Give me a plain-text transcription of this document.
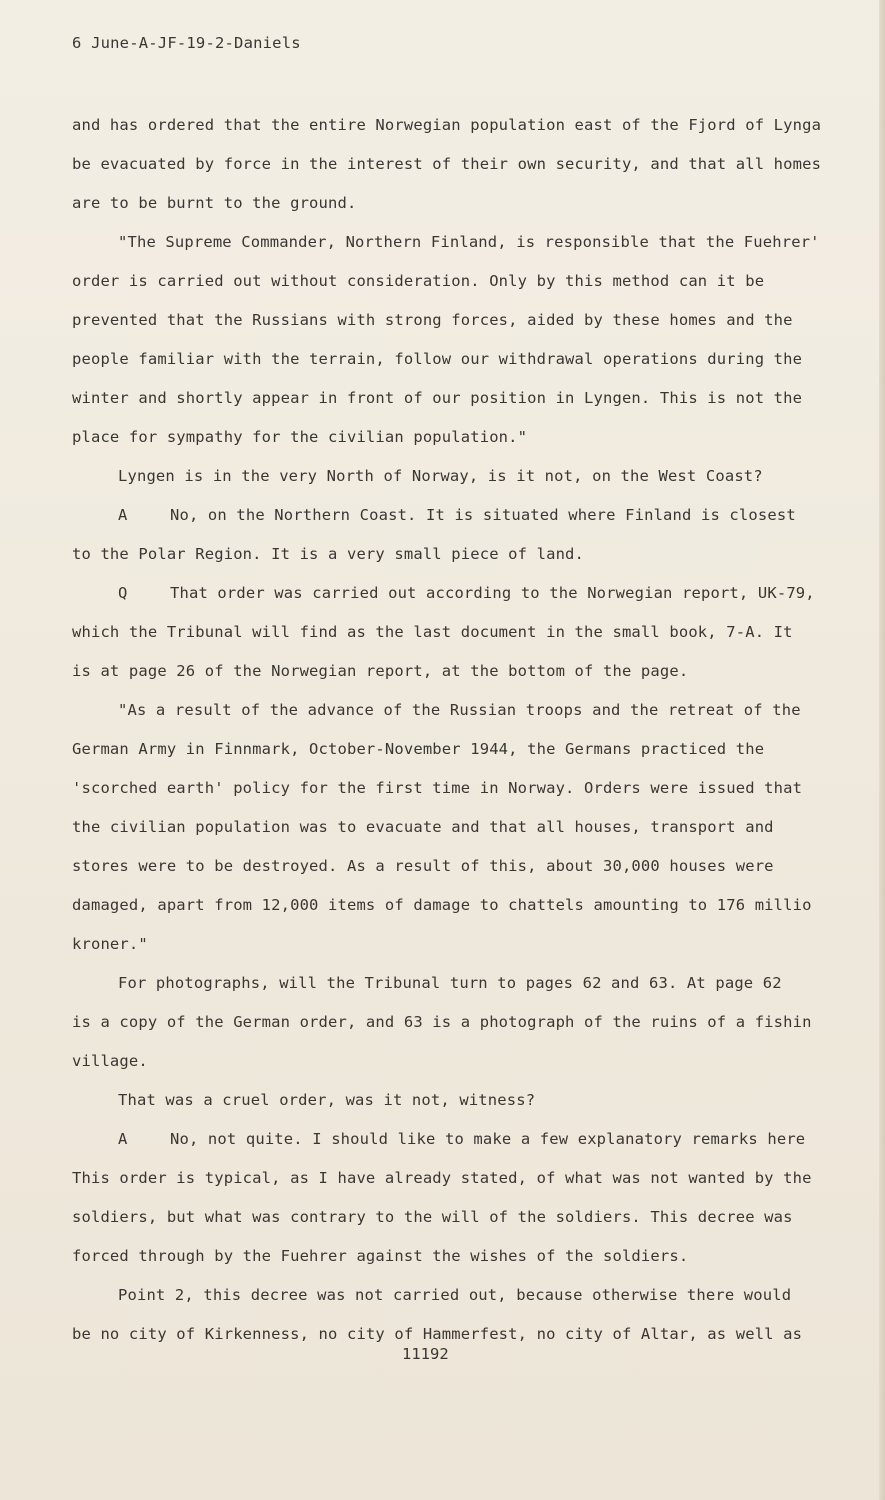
6 June-A-JF-19-2-Daniels
and has ordered that the entire Norwegian population east of the Fjord of Lynga
be evacuated by force in the interest of their own security, and that all homes
are to be burnt to the ground.
"The Supreme Commander, Northern Finland, is responsible that the Fuehrer'
order is carried out without consideration. Only by this method can it be
prevented that the Russians with strong forces, aided by these homes and the
people familiar with the terrain, follow our withdrawal operations during the
winter and shortly appear in front of our position in Lyngen. This is not the
place for sympathy for the civilian population."
Lyngen is in the very North of Norway, is it not, on the West Coast?
A	No, on the Northern Coast. It is situated where Finland is closest
to the Polar Region. It is a very small piece of land.
Q	That order was carried out according to the Norwegian report, UK-79,
which the Tribunal will find as the last document in the small book, 7-A. It
is at page 26 of the Norwegian report, at the bottom of the page.
"As a result of the advance of the Russian troops and the retreat of the
German Army in Finnmark, October-November 1944, the Germans practiced the
'scorched earth' policy for the first time in Norway. Orders were issued that
the civilian population was to evacuate and that all houses, transport and
stores were to be destroyed. As a result of this, about 30,000 houses were
damaged, apart from 12,000 items of damage to chattels amounting to 176 millio
kroner."
For photographs, will the Tribunal turn to pages 62 and 63. At page 62
is a copy of the German order, and 63 is a photograph of the ruins of a fishin
village.
That was a cruel order, was it not, witness?
A	No, not quite. I should like to make a few explanatory remarks here
This order is typical, as I have already stated, of what was not wanted by the
soldiers, but what was contrary to the will of the soldiers. This decree was
forced through by the Fuehrer against the wishes of the soldiers.
Point 2, this decree was not carried out, because otherwise there would
be no city of Kirkenness, no city of Hammerfest, no city of Altar, as well as
11192
